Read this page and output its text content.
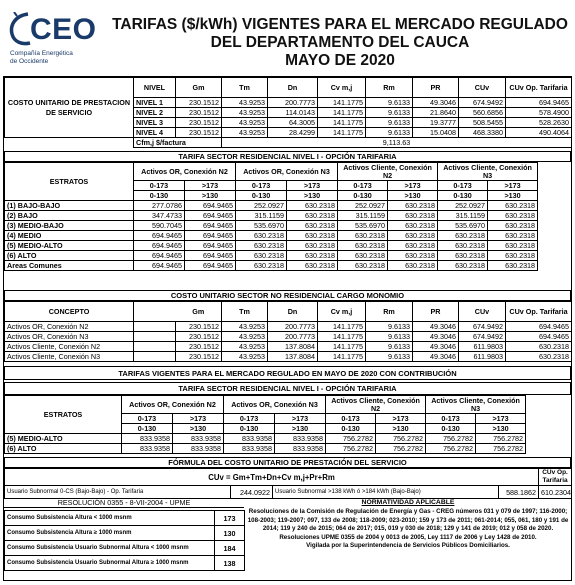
CEO
Compañía Energética
de Occidente
TARIFAS ($/kWh) VIGENTES PARA EL MERCADO REGULADO
DEL DEPARTAMENTO DEL CAUCA
MAYO DE 2020
COSTO UNITARIO DE PRESTACION DE SERVICIO	NIVEL	Gm	Tm	Dn	Cv m,j	Rm	PR	CUv	CUv Op. Tarifaria
	NIVEL 1	230.1512	43.9253	200.7773	141.1775	9.6133	49.3046	674.9492	694.9465
	NIVEL 2	230.1512	43.9253	114.0143	141.1775	9.6133	21.8640	560.6856	578.4900
	NIVEL 3	230.1512	43.9253	64.3005	141.1775	9.6133	19.3777	508.5455	528.2630
	NIVEL 4	230.1512	43.9253	28.4299	141.1775	9.6133	15.0408	468.3380	490.4064
	Cfm,j $/factura		9,113.63						
TARIFA SECTOR RESIDENCIAL NIVEL I - OPCIÓN TARIFARIA
ESTRATOS	Activos OR, Conexión N2		Activos OR, Conexión N3		Activos Cliente, Conexión N2		Activos Cliente, Conexión N3		
	0-173	>173	0-173	>173	0-173	>173	0-173	>173	
	0-130	>130	0-130	>130	0-130	>130	0-130	>130	
(1) BAJO-BAJO	277.0786	694.9465	252.0927	630.2318	252.0927	630.2318	252.0927	630.2318	
(2) BAJO	347.4733	694.9465	315.1159	630.2318	315.1159	630.2318	315.1159	630.2318	
(3) MEDIO-BAJO	590.7045	694.9465	535.6970	630.2318	535.6970	630.2318	535.6970	630.2318	
(4) MEDIO	694.9465	694.9465	630.2318	630.2318	630.2318	630.2318	630.2318	630.2318	
(5) MEDIO-ALTO	694.9465	694.9465	630.2318	630.2318	630.2318	630.2318	630.2318	630.2318	
(6) ALTO	694.9465	694.9465	630.2318	630.2318	630.2318	630.2318	630.2318	630.2318	
Areas Comunes	694.9465	694.9465	630.2318	630.2318	630.2318	630.2318	630.2318	630.2318	
COSTO UNITARIO SECTOR NO RESIDENCIAL CARGO MONOMIO
CONCEPTO		Gm	Tm	Dn	Cv m,j	Rm	PR	CUv	CUv Op. Tarifaria
Activos OR, Conexión N2		230.1512	43.9253	200.7773	141.1775	9.6133	49.3046	674.9492	694.9465
Activos OR, Conexión N3		230.1512	43.9253	200.7773	141.1775	9.6133	49.3046	674.9492	694.9465
Activos Cliente, Conexión N2		230.1512	43.9253	137.8084	141.1775	9.6133	49.3046	611.9803	630.2318
Activos Cliente, Conexión N3		230.1512	43.9253	137.8084	141.1775	9.6133	49.3046	611.9803	630.2318
TARIFAS VIGENTES PARA EL MERCADO REGULADO EN MAYO DE 2020 CON CONTRIBUCIÓN
TARIFA SECTOR RESIDENCIAL NIVEL I - OPCIÓN TARIFARIA
ESTRATOS	Activos OR, Conexión N2		Activos OR, Conexión N3		Activos Cliente, Conexión N2		Activos Cliente, Conexión N3		
	0-173	>173	0-173	>173	0-173	>173	0-173	>173	
	0-130	>130	0-130	>130	0-130	>130	0-130	>130	
(5) MEDIO-ALTO	833.9358	833.9358	833.9358	833.9358	756.2782	756.2782	756.2782	756.2782	
(6) ALTO	833.9358	833.9358	833.9358	833.9358	756.2782	756.2782	756.2782	756.2782	
FÓRMULA DEL COSTO UNITARIO DE PRESTACIÓN DEL SERVICIO
CUv = Gm+Tm+Dn+Cv m,j+Pr+Rm				CUv Op. Tarifaria
Usuario Subnormal 0-CS (Bajo-Bajo) - Op. Tarifaria	244.0922	Usuario Subnormal >138 kWh ó >184 kWh (Bajo-Bajo)	588.1862	610.2304
RESOLUCIÓN 0355 - 8-VII-2004 - UPME
Consumo Subsistencia Altura < 1000 msnm	173
Consumo Subsistencia Altura ≥ 1000 msnm	130
Consumo Subsistencia Usuario Subnormal Altura < 1000 msnm	184
Consumo Subsistencia Usuario Subnormal Altura ≥ 1000 msnm	138
NORMATIVIDAD APLICABLE
Resoluciones de la Comisión de Regulación de Energía y Gas - CREG números 031 y 079 de 1997; 116-2000; 108-2003; 119-2007; 097, 133 de 2008; 118-2009; 023-2010; 159 y 173 de 2011; 061-2014; 055, 061, 180 y 191 de 2014; 119 y 240 de 2015; 064 de 2017; 015, 019 y 030 de 2018; 129 y 141 de 2019; 012 y 058 de 2020. Resoluciones UPME 0355 de 2004 y 0013 de 2005, Ley 1117 de 2006 y Ley 1428 de 2010.
Vigilada por la Superintendencia de Servicios Públicos Domiciliarios.
